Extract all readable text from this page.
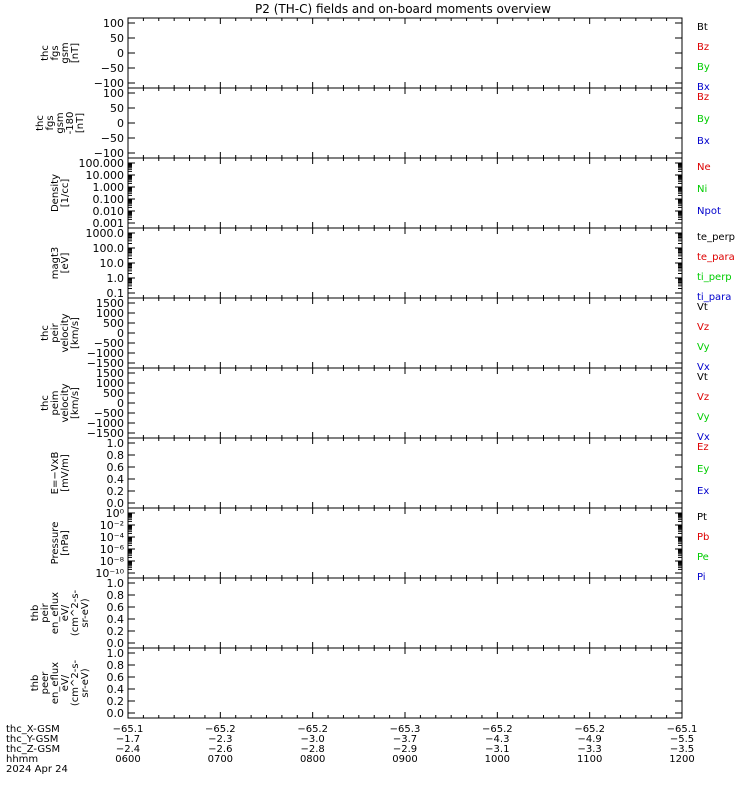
P2 (TH-C) fields and on-board moments overview
100
50
0
−50
−100
thcfgsgsm[nT]
Bt
Bz
By
Bx
100
50
0
−50
−100
thcfgsgsm-180[nT]
Bz
By
Bx
100.000
10.000
1.000
0.100
0.010
0.001
Density[1/cc]
Ne
Ni
Npot
1000.0
100.0
10.0
1.0
0.1
magt3[eV]
te_perp
te_para
ti_perp
ti_para
1500
1000
500
0
−500
−1000
−1500
thcpeirvelocity[km/s]
Vt
Vz
Vy
Vx
1500
1000
500
0
−500
−1000
−1500
thcpeimvelocity[km/s]
Vt
Vz
Vy
Vx
1.0
0.8
0.6
0.4
0.2
0.0
E=−VxB[mV/m]
Ez
Ey
Ex
10⁰
10⁻²
10⁻⁴
10⁻⁶
10⁻⁸
10⁻¹⁰
Pressure[nPa]
Pt
Pb
Pe
Pi
1.0
0.8
0.6
0.4
0.2
0.0
thbpeiren_efluxeV/(cm^2-s-sr-eV)
1.0
0.8
0.6
0.4
0.2
0.0
thbpeeren_efluxeV/(cm^2-s-sr-eV)
thc_X-GSM	−65.1	−65.2	−65.2	−65.3	−65.2	−65.2	−65.1
thc_Y-GSM	−1.7	−2.3	−3.0	−3.7	−4.3	−4.9	−5.5
thc_Z-GSM	−2.4	−2.6	−2.8	−2.9	−3.1	−3.3	−3.5
hhmm	0600	0700	0800	0900	1000	1100	1200
2024 Apr 24
